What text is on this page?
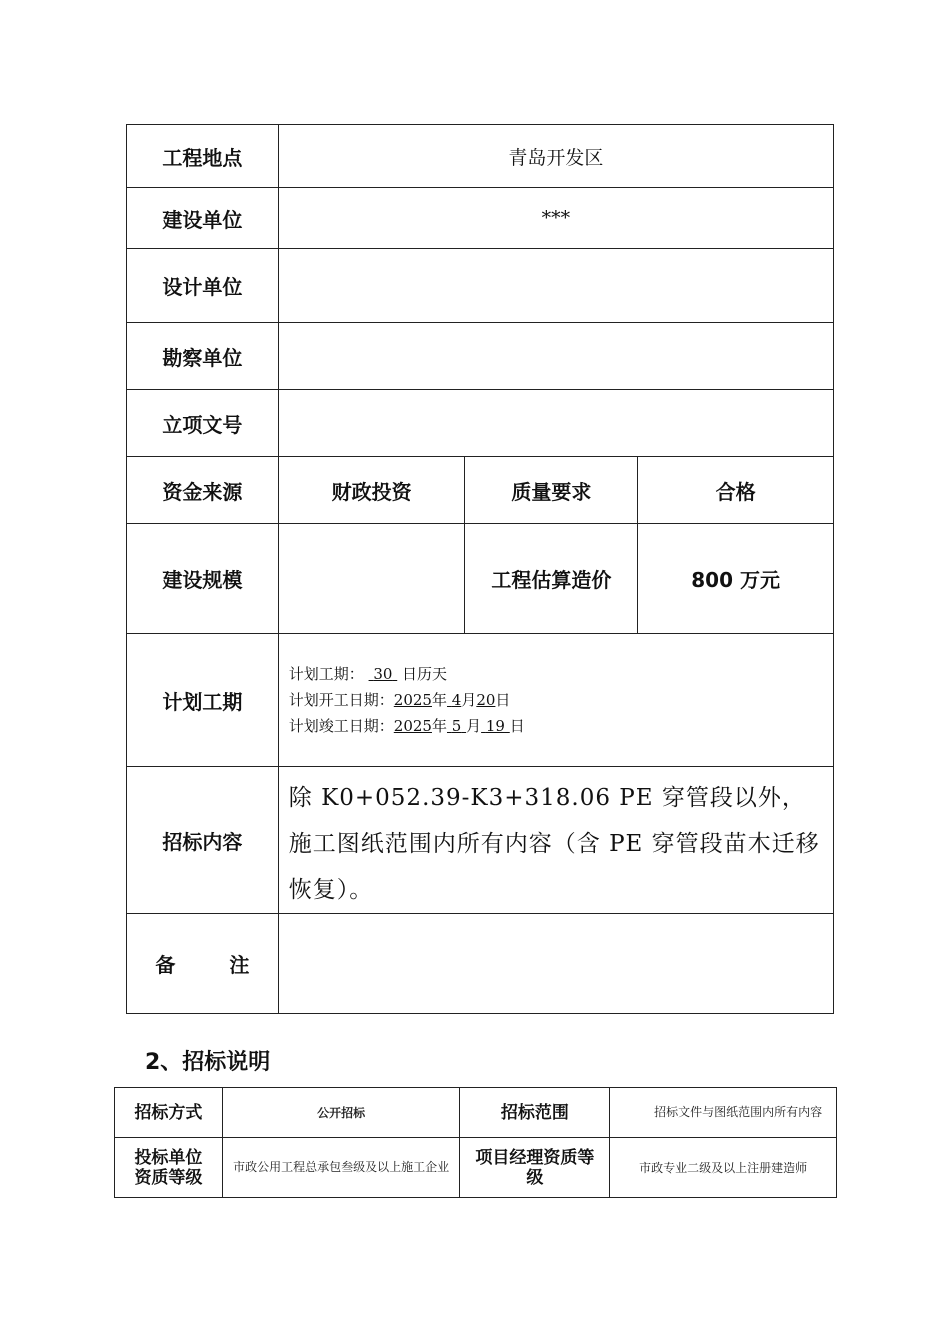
工程地点	青岛开发区		
建设单位	***		
设计单位			
勘察单位			
立项文号			
资金来源	财政投资	质量要求	合格
建设规模		工程估算造价	800 万元
计划工期	计划工期： 30 日历天
计划开工日期：2025年 4月20日
计划竣工日期：2025年 5 月 19 日		

招标内容	除 K0+052.39-K3+318.06 PE 穿管段以外，施工图纸范围内所有内容（含 PE 穿管段苗木迁移恢复）。		
备 注			
2、招标说明
招标方式	公开招标	招标范围	招标文件与图纸范围内所有内容
投标单位资质等级	市政公用工程总承包叁级及以上施工企业	项目经理资质等级	市政专业二级及以上注册建造师
